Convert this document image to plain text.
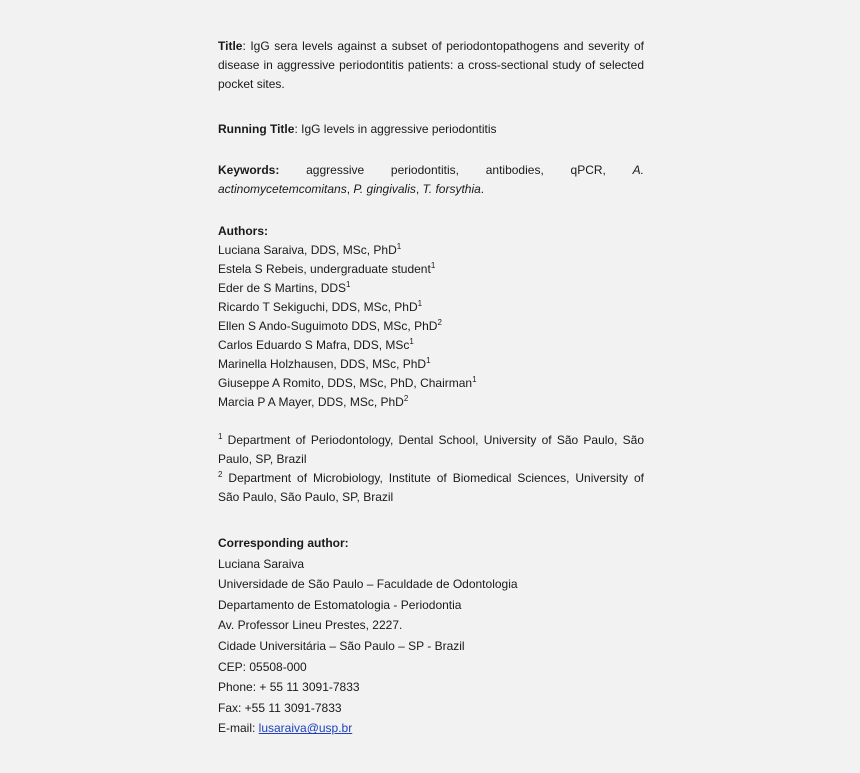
Title: IgG sera levels against a subset of periodontopathogens and severity of disease in aggressive periodontitis patients: a cross-sectional study of selected pocket sites.
Running Title: IgG levels in aggressive periodontitis
Keywords: aggressive periodontitis, antibodies, qPCR, A.
actinomycetemcomitans, P. gingivalis, T. forsythia.
Authors:
Luciana Saraiva, DDS, MSc, PhD$^1$
Estela S Rebeis, undergraduate student$^1$
Eder de S Martins, DDS$^1$
Ricardo T Sekiguchi, DDS, MSc, PhD$^1$
Ellen S Ando-Suguimoto DDS, MSc, PhD$^2$
Carlos Eduardo S Mafra, DDS, MSc$^1$
Marinella Holzhausen, DDS, MSc, PhD$^1$
Giuseppe A Romito, DDS, MSc, PhD, Chairman$^1$
Marcia P A Mayer, DDS, MSc, PhD$^2$
$^1$ Department of Periodontology, Dental School, University of São Paulo, São Paulo, SP, Brazil
$^2$ Department of Microbiology, Institute of Biomedical Sciences, University of São Paulo, São Paulo, SP, Brazil
Corresponding author:
Luciana Saraiva
Universidade de São Paulo – Faculdade de Odontologia
Departamento de Estomatologia - Periodontia
Av. Professor Lineu Prestes, 2227.
Cidade Universitária – São Paulo – SP - Brazil
CEP: 05508-000
Phone: + 55 11 3091-7833
Fax: +55 11 3091-7833
E-mail: lusaraiva@usp.br
